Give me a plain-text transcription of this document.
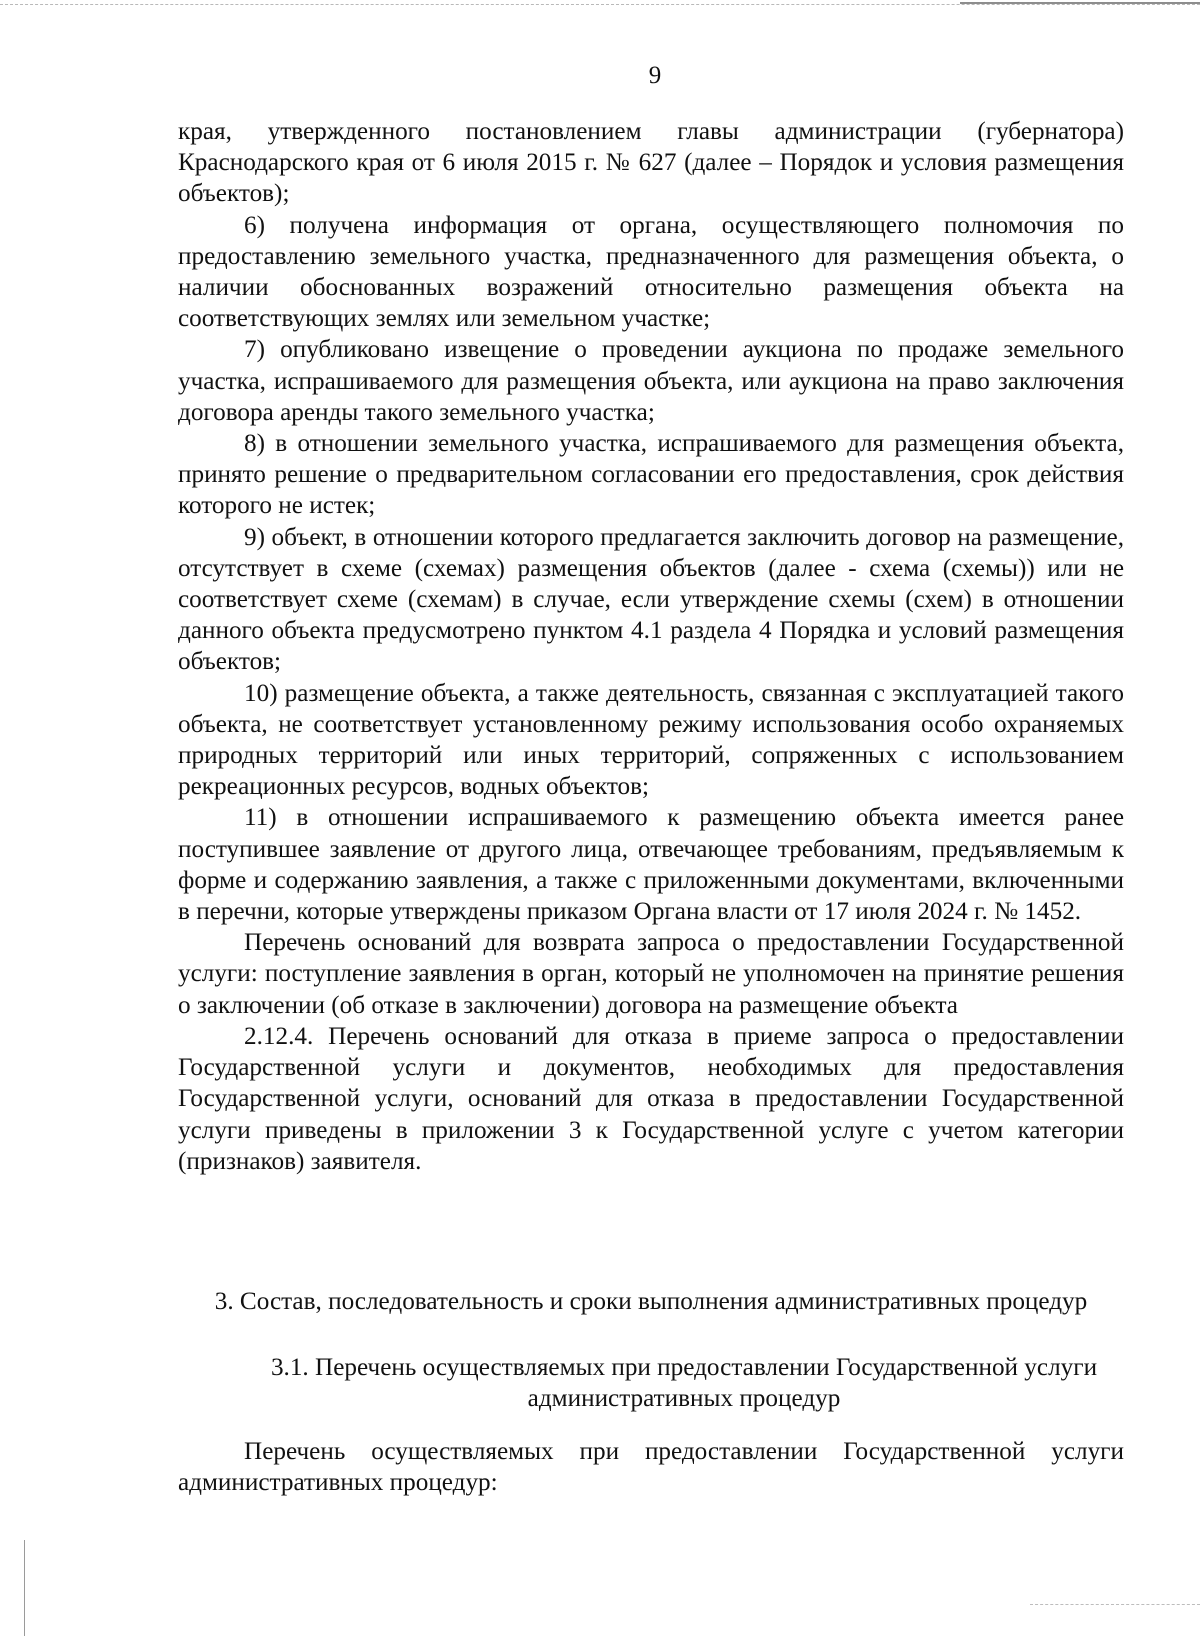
9

края, утвержденного постановлением главы администрации (губернатора) Краснодарского края от 6 июля 2015 г. № 627 (далее – Порядок и условия размещения объектов);

6) получена информация от органа, осуществляющего полномочия по предоставлению земельного участка, предназначенного для размещения объекта, о наличии обоснованных возражений относительно размещения объекта на соответствующих землях или земельном участке;

7) опубликовано извещение о проведении аукциона по продаже земельного участка, испрашиваемого для размещения объекта, или аукциона на право заключения договора аренды такого земельного участка;

8) в отношении земельного участка, испрашиваемого для размещения объекта, принято решение о предварительном согласовании его предоставления, срок действия которого не истек;

9) объект, в отношении которого предлагается заключить договор на размещение, отсутствует в схеме (схемах) размещения объектов (далее - схема (схемы)) или не соответствует схеме (схемам) в случае, если утверждение схемы (схем) в отношении данного объекта предусмотрено пунктом 4.1 раздела 4 Порядка и условий размещения объектов;

10) размещение объекта, а также деятельность, связанная с эксплуатацией такого объекта, не соответствует установленному режиму использования особо охраняемых природных территорий или иных территорий, сопряженных с использованием рекреационных ресурсов, водных объектов;

11) в отношении испрашиваемого к размещению объекта имеется ранее поступившее заявление от другого лица, отвечающее требованиям, предъявляемым к форме и содержанию заявления, а также с приложенными документами, включенными в перечни, которые утверждены приказом Органа власти от 17 июля 2024 г. № 1452.

Перечень оснований для возврата запроса о предоставлении Государственной услуги: поступление заявления в орган, который не уполномочен на принятие решения о заключении (об отказе в заключении) договора на размещение объекта

2.12.4. Перечень оснований для отказа в приеме запроса о предоставлении Государственной услуги и документов, необходимых для предоставления Государственной услуги, оснований для отказа в предоставлении Государственной услуги приведены в приложении 3 к Государственной услуге с учетом категории (признаков) заявителя.

3. Состав, последовательность и сроки выполнения административных процедур
3.1. Перечень осуществляемых при предоставлении Государственной услуги административных процедур

Перечень осуществляемых при предоставлении Государственной услуги административных процедур:
